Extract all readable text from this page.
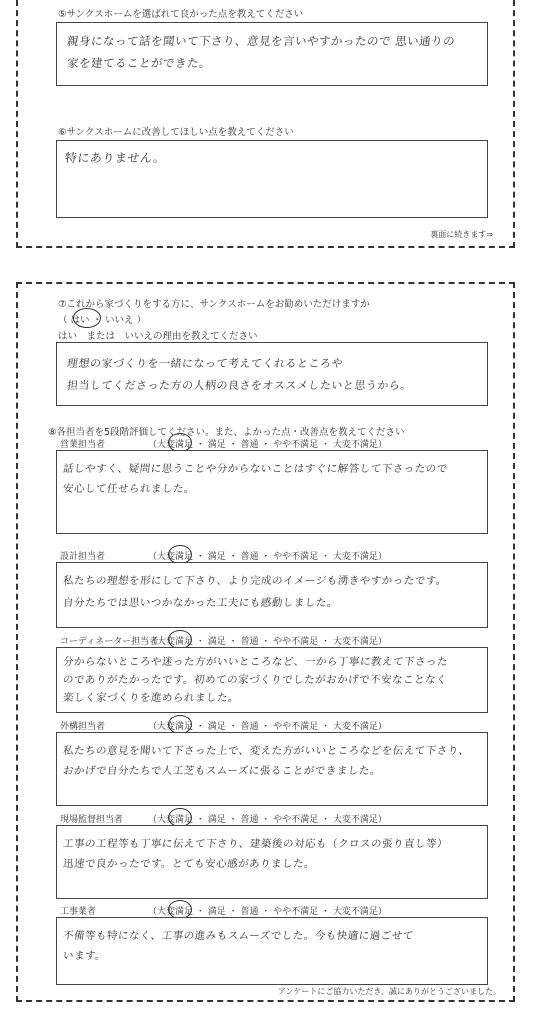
⑤サンクスホームを選ばれて良かった点を教えてください
親身になって話を聞いて下さり、意見を言いやすかったので 思い通りの
家を建てることができた。
⑥サンクスホームに改善してほしい点を教えてください
特にありません。
裏面に続きます⇒
⑦これから家づくりをする方に、サンクスホームをお勧めいただけますか
（ はい ・ いいえ ）
はい　または　いいえの理由を教えてください
理想の家づくりを一緒になって考えてくれるところや
担当してくださった方の人柄の良さをオススメしたいと思うから。
⑧各担当者を5段階評価してください。また、よかった点・改善点を教えてください
営業担当者	（大変満足 ・ 満足 ・ 普通 ・ やや不満足 ・ 大変不満足）
話しやすく、疑問に思うことや分からないことはすぐに解答して下さったので
安心して任せられました。
設計担当者	（大変満足 ・ 満足 ・ 普通 ・ やや不満足 ・ 大変不満足）
私たちの理想を形にして下さり、より完成のイメージも湧きやすかったです。
自分たちでは思いつかなかった工夫にも感動しました。
コーディネーター担当者
（大変満足 ・ 満足 ・ 普通 ・ やや不満足 ・ 大変不満足）
分からないところや迷った方がいいところなど、一から丁寧に教えて下さった
のでありがたかったです。初めての家づくりでしたがおかげで不安なことなく
楽しく家づくりを進められました。
外構担当者	（大変満足 ・ 満足 ・ 普通 ・ やや不満足 ・ 大変不満足）
私たちの意見を聞いて下さった上で、変えた方がいいところなどを伝えて下さり、
おかげで自分たちで人工芝もスムーズに張ることができました。
現場監督担当者	（大変満足 ・ 満足 ・ 普通 ・ やや不満足 ・ 大変不満足）
工事の工程等も丁寧に伝えて下さり、建築後の対応も（クロスの張り直し等）
迅速で良かったです。とても安心感がありました。
工事業者	（大変満足 ・ 満足 ・ 普通 ・ やや不満足 ・ 大変不満足）
不備等も特になく、工事の進みもスムーズでした。今も快適に過ごせて
います。
アンケートにご協力いただき、誠にありがとうございました。
